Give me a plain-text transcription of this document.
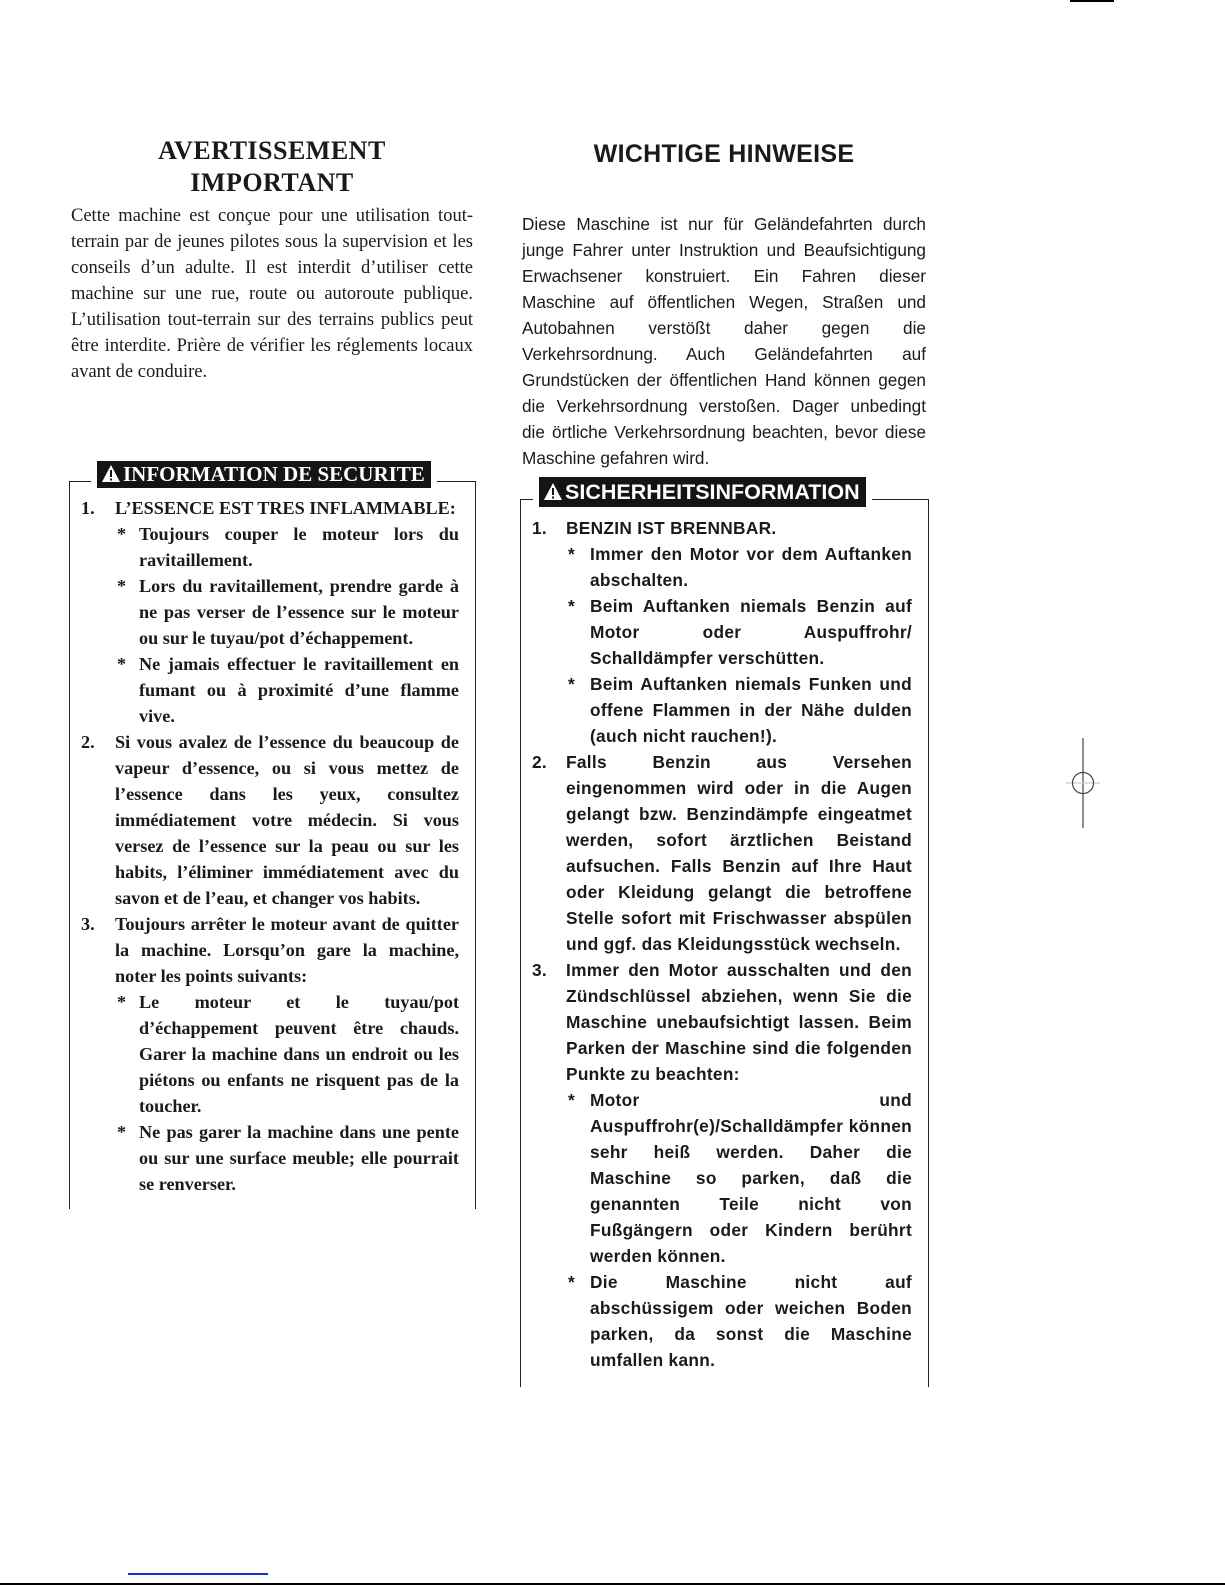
AVERTISSEMENT
IMPORTANT

Cette machine est conçue pour une utilisation tout-terrain par de jeunes pilotes sous la supervision et les conseils d’un adulte. Il est interdit d’utiliser cette machine sur une rue, route ou autoroute publique. L’utilisation tout-terrain sur des terrains publics peut être interdite. Prière de vérifier les réglements locaux avant de conduire.

INFORMATION DE SECURITE
1.	L’ESSENCE EST TRES INFLAMMABLE:
* Toujours couper le moteur lors du ravitaillement.
* Lors du ravitaillement, prendre garde à ne pas verser de l’essence sur le moteur ou sur le tuyau/pot d’échappement.
* Ne jamais effectuer le ravitaillement en fumant ou à proximité d’une flamme vive.
2.	Si vous avalez de l’essence du beaucoup de vapeur d’essence, ou si vous mettez de l’essence dans les yeux, consultez immédiatement votre médecin. Si vous versez de l’essence sur la peau ou sur les habits, l’éliminer immédiatement avec du savon et de l’eau, et changer vos habits.
3.	Toujours arrêter le moteur avant de quitter la machine. Lorsqu’on gare la machine, noter les points suivants:
* Le moteur et le tuyau/pot d’échappement peuvent être chauds. Garer la machine dans un endroit ou les piétons ou enfants ne risquent pas de la toucher.
* Ne pas garer la machine dans une pente ou sur une surface meuble; elle pourrait se renverser.
WICHTIGE HINWEISE

Diese Maschine ist nur für Geländefahrten durch junge Fahrer unter Instruktion und Beaufsichtigung Erwachsener konstruiert. Ein Fahren dieser Maschine auf öffentlichen Wegen, Straßen und Autobahnen verstößt daher gegen die Verkehrsordnung. Auch Geländefahrten auf Grundstücken der öffentlichen Hand können gegen die Verkehrsordnung verstoßen. Dager unbedingt die örtliche Verkehrsordnung beachten, bevor diese Maschine gefahren wird.

SICHERHEITSINFORMATION
1.	BENZIN IST BRENNBAR.
* Immer den Motor vor dem Auftanken abschalten.
* Beim Auftanken niemals Benzin auf Motor oder Auspuffrohr/ Schalldämpfer verschütten.
* Beim Auftanken niemals Funken und offene Flammen in der Nähe dulden (auch nicht rauchen!).
2.	Falls Benzin aus Versehen eingenommen wird oder in die Augen gelangt bzw. Benzindämpfe eingeatmet werden, sofort ärztlichen Beistand aufsuchen. Falls Benzin auf Ihre Haut oder Kleidung gelangt die betroffene Stelle sofort mit Frischwasser abspülen und ggf. das Kleidungsstück wechseln.
3.	Immer den Motor ausschalten und den Zündschlüssel abziehen, wenn Sie die Maschine unebaufsichtigt lassen. Beim Parken der Maschine sind die folgenden Punkte zu beachten:
* Motor und Auspuffrohr(e)/Schalldämpfer können sehr heiß werden. Daher die Maschine so parken, daß die genannten Teile nicht von Fußgängern oder Kindern berührt werden können.
* Die Maschine nicht auf abschüssigem oder weichen Boden parken, da sonst die Maschine umfallen kann.
